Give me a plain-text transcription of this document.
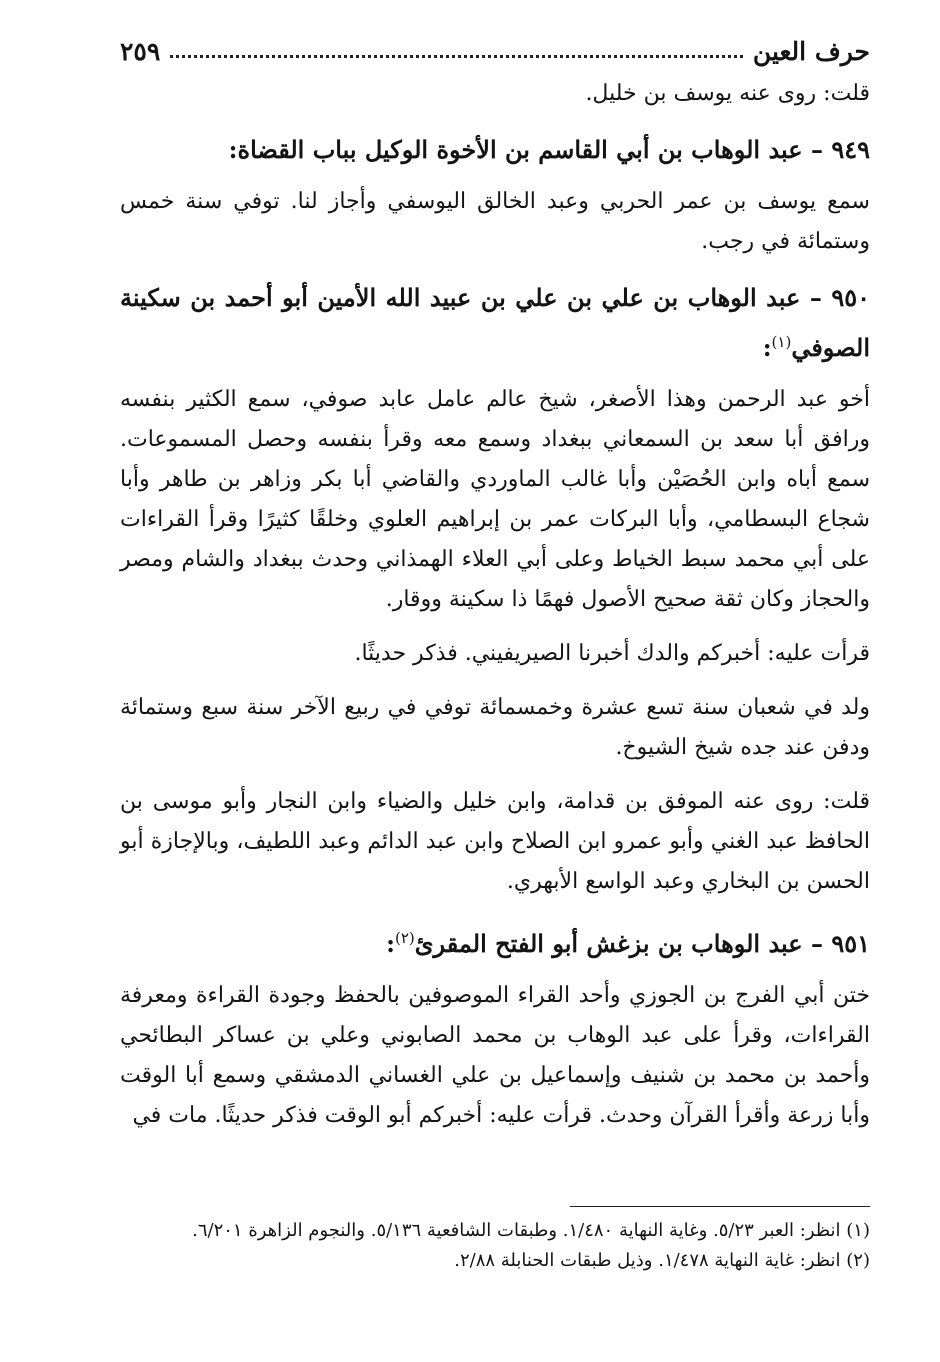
حرف العين
٢٥٩

قلت: روى عنه يوسف بن خليل.

٩٤٩ – عبد الوهاب بن أبي القاسم بن الأخوة الوكيل بباب القضاة:

سمع يوسف بن عمر الحربي وعبد الخالق اليوسفي وأجاز لنا. توفي سنة خمس وستمائة في رجب.

٩٥٠ – عبد الوهاب بن علي بن علي بن عبيد الله الأمين أبو أحمد بن سكينة الصوفي$^{(١)}$:

أخو عبد الرحمن وهذا الأصغر، شيخ عالم عامل عابد صوفي، سمع الكثير بنفسه ورافق أبا سعد بن السمعاني ببغداد وسمع معه وقرأ بنفسه وحصل المسموعات. سمع أباه وابن الحُصَيْن وأبا غالب الماوردي والقاضي أبا بكر وزاهر بن طاهر وأبا شجاع البسطامي، وأبا البركات عمر بن إبراهيم العلوي وخلقًا كثيرًا وقرأ القراءات على أبي محمد سبط الخياط وعلى أبي العلاء الهمذاني وحدث ببغداد والشام ومصر والحجاز وكان ثقة صحيح الأصول فهمًا ذا سكينة ووقار.

قرأت عليه: أخبركم والدك أخبرنا الصيريفيني. فذكر حديثًا.

ولد في شعبان سنة تسع عشرة وخمسمائة توفي في ربيع الآخر سنة سبع وستمائة ودفن عند جده شيخ الشيوخ.

قلت: روى عنه الموفق بن قدامة، وابن خليل والضياء وابن النجار وأبو موسى بن الحافظ عبد الغني وأبو عمرو ابن الصلاح وابن عبد الدائم وعبد اللطيف، وبالإجازة أبو الحسن بن البخاري وعبد الواسع الأبهري.

٩٥١ – عبد الوهاب بن بزغش أبو الفتح المقرئ$^{(٢)}$:

ختن أبي الفرج بن الجوزي وأحد القراء الموصوفين بالحفظ وجودة القراءة ومعرفة القراءات، وقرأ على عبد الوهاب بن محمد الصابوني وعلي بن عساكر البطائحي وأحمد بن محمد بن شنيف وإسماعيل بن علي الغساني الدمشقي وسمع أبا الوقت وأبا زرعة وأقرأ القرآن وحدث. قرأت عليه: أخبركم أبو الوقت فذكر حديثًا. مات في

(١) انظر: العبر ٥/٢٣. وغاية النهاية ١/٤٨٠. وطبقات الشافعية ٥/١٣٦. والنجوم الزاهرة ٦/٢٠١.

(٢) انظر: غاية النهاية ١/٤٧٨. وذيل طبقات الحنابلة ٢/٨٨.
